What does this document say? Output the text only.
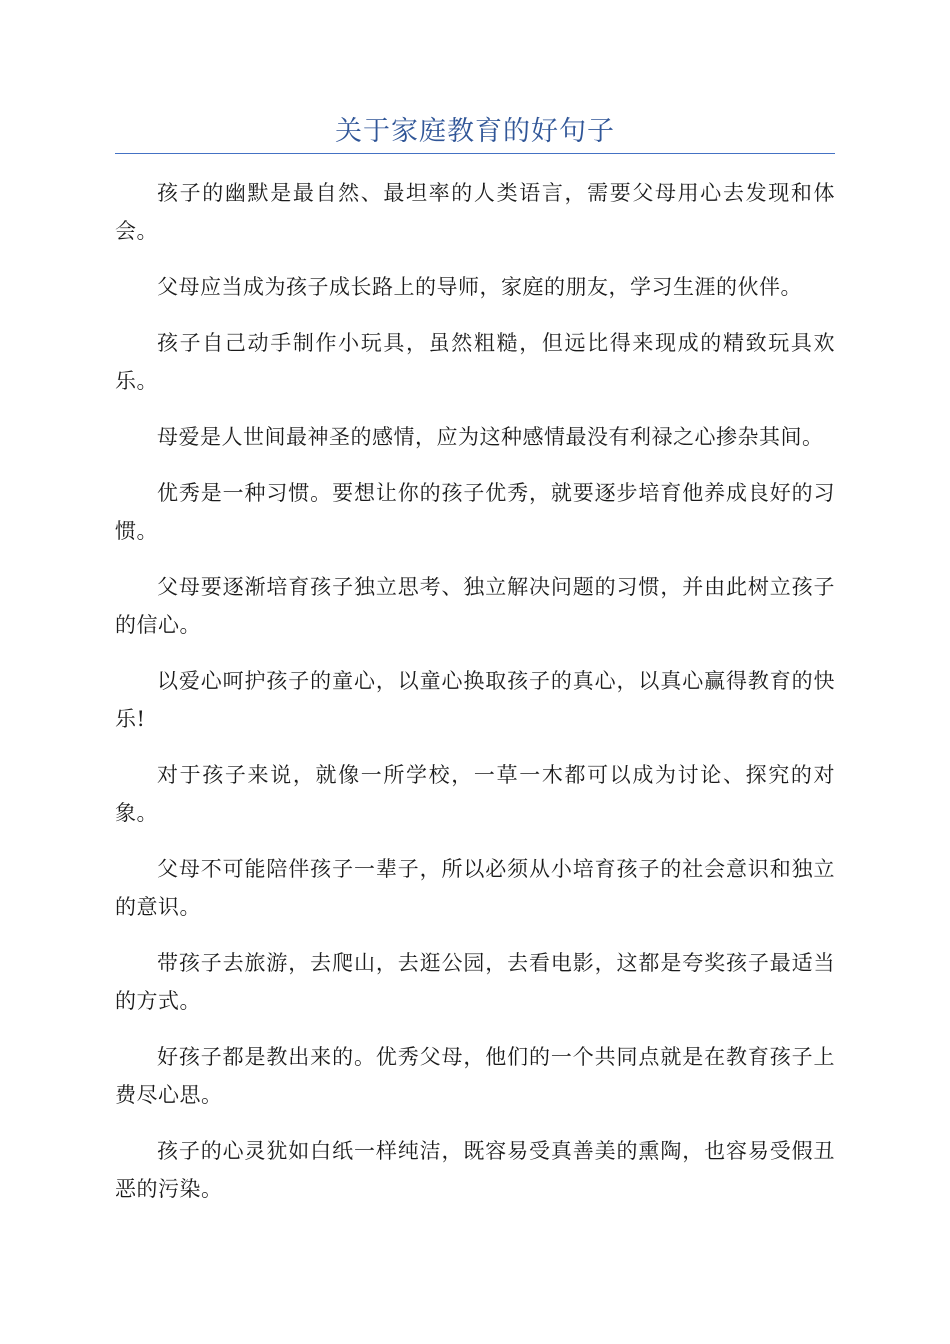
关于家庭教育的好句子

孩子的幽默是最自然、最坦率的人类语言，需要父母用心去发现和体会。

父母应当成为孩子成长路上的导师，家庭的朋友，学习生涯的伙伴。

孩子自己动手制作小玩具，虽然粗糙，但远比得来现成的精致玩具欢乐。

母爱是人世间最神圣的感情，应为这种感情最没有利禄之心掺杂其间。

优秀是一种习惯。要想让你的孩子优秀，就要逐步培育他养成良好的习惯。

父母要逐渐培育孩子独立思考、独立解决问题的习惯，并由此树立孩子的信心。

以爱心呵护孩子的童心，以童心换取孩子的真心，以真心赢得教育的快乐!

对于孩子来说，就像一所学校，一草一木都可以成为讨论、探究的对象。

父母不可能陪伴孩子一辈子，所以必须从小培育孩子的社会意识和独立的意识。

带孩子去旅游，去爬山，去逛公园，去看电影，这都是夸奖孩子最适当的方式。

好孩子都是教出来的。优秀父母，他们的一个共同点就是在教育孩子上费尽心思。

孩子的心灵犹如白纸一样纯洁，既容易受真善美的熏陶，也容易受假丑恶的污染。
